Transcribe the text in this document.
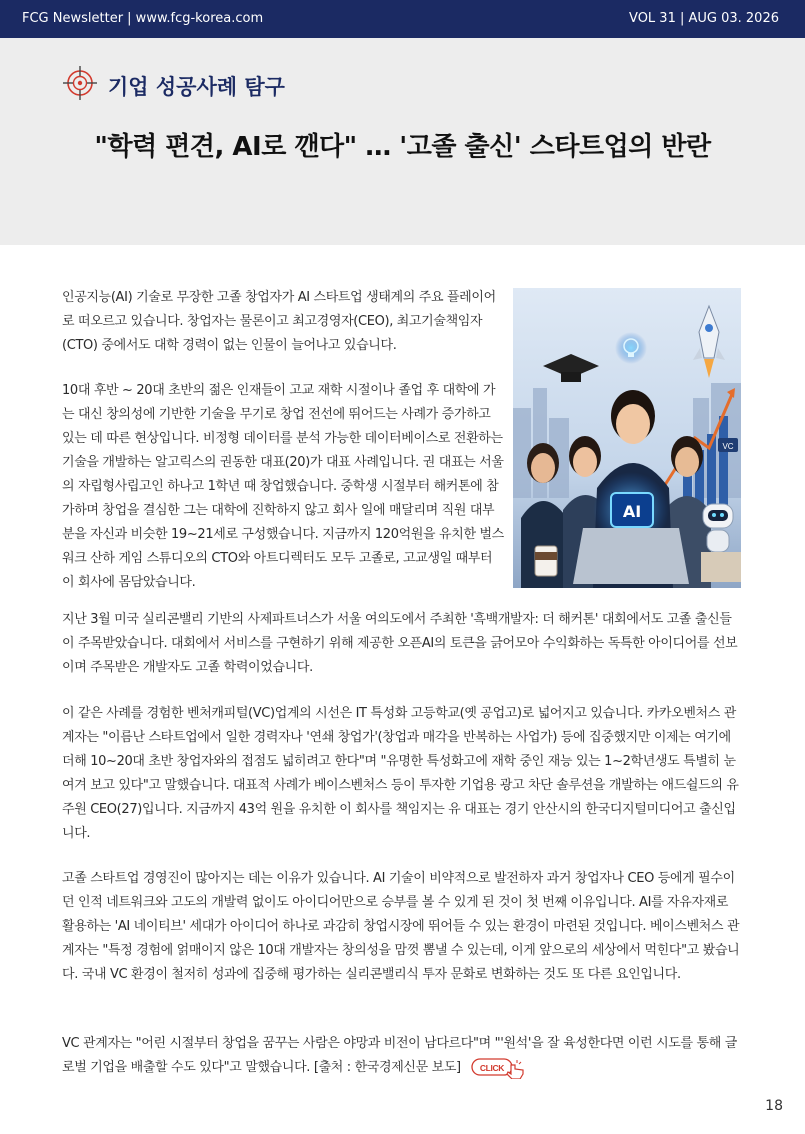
FCG Newsletter | www.fcg-korea.com	VOL 31 | AUG 03. 2026
기업 성공사례 탐구
"학력 편견, AI로 깬다" … '고졸 출신' 스타트업의 반란
VC
AI

인공지능(AI) 기술로 무장한 고졸 창업자가 AI 스타트업 생태계의 주요 플레이어로 떠오르고 있습니다. 창업자는 물론이고 최고경영자(CEO), 최고기술책임자(CTO) 중에서도 대학 경력이 없는 인물이 늘어나고 있습니다.

10대 후반 ~ 20대 초반의 젊은 인재들이 고교 재학 시절이나 졸업 후 대학에 가는 대신 창의성에 기반한 기술을 무기로 창업 전선에 뛰어드는 사례가 증가하고 있는 데 따른 현상입니다. 비정형 데이터를 분석 가능한 데이터베이스로 전환하는 기술을 개발하는 알고릭스의 권동한 대표(20)가 대표 사례입니다. 권 대표는 서울의 자립형사립고인 하나고 1학년 때 창업했습니다. 중학생 시절부터 해커톤에 참가하며 창업을 결심한 그는 대학에 진학하지 않고 회사 일에 매달리며 직원 대부분을 자신과 비슷한 19~21세로 구성했습니다. 지금까지 120억원을 유치한 벌스워크 산하 게임 스튜디오의 CTO와 아트디렉터도 모두 고졸로, 고교생일 때부터 이 회사에 몸담았습니다.

지난 3월 미국 실리콘밸리 기반의 사제파트너스가 서울 여의도에서 주최한 '흑백개발자: 더 해커톤' 대회에서도 고졸 출신들이 주목받았습니다. 대회에서 서비스를 구현하기 위해 제공한 오픈AI의 토큰을 긁어모아 수익화하는 독특한 아이디어를 선보이며 주목받은 개발자도 고졸 학력이었습니다.

이 같은 사례를 경험한 벤처캐피털(VC)업계의 시선은 IT 특성화 고등학교(옛 공업고)로 넓어지고 있습니다. 카카오벤처스 관계자는 "이름난 스타트업에서 일한 경력자나 '연쇄 창업가'(창업과 매각을 반복하는 사업가) 등에 집중했지만 이제는 여기에 더해 10~20대 초반 창업자와의 접점도 넓히려고 한다"며 "유명한 특성화고에 재학 중인 재능 있는 1~2학년생도 특별히 눈여겨 보고 있다"고 말했습니다. 대표적 사례가 베이스벤처스 등이 투자한 기업용 광고 차단 솔루션을 개발하는 애드쉴드의 유주원 CEO(27)입니다. 지금까지 43억 원을 유치한 이 회사를 책임지는 유 대표는 경기 안산시의 한국디지털미디어고 출신입니다.

고졸 스타트업 경영진이 많아지는 데는 이유가 있습니다. AI 기술이 비약적으로 발전하자 과거 창업자나 CEO 등에게 필수이던 인적 네트워크와 고도의 개발력 없이도 아이디어만으로 승부를 볼 수 있게 된 것이 첫 번째 이유입니다. AI를 자유자재로 활용하는 'AI 네이티브' 세대가 아이디어 하나로 과감히 창업시장에 뛰어들 수 있는 환경이 마련된 것입니다. 베이스벤처스 관계자는 "특정 경험에 얽매이지 않은 10대 개발자는 창의성을 맘껏 뽐낼 수 있는데, 이게 앞으로의 세상에서 먹힌다"고 봤습니다. 국내 VC 환경이 철저히 성과에 집중해 평가하는 실리콘밸리식 투자 문화로 변화하는 것도 또 다른 요인입니다.

VC 관계자는 "어린 시절부터 창업을 꿈꾸는 사람은 야망과 비전이 남다르다"며 "'원석'을 잘 육성한다면 이런 시도를 통해 글로벌 기업을 배출할 수도 있다"고 말했습니다. [출처 : 한국경제신문 보도] CLICK

18
